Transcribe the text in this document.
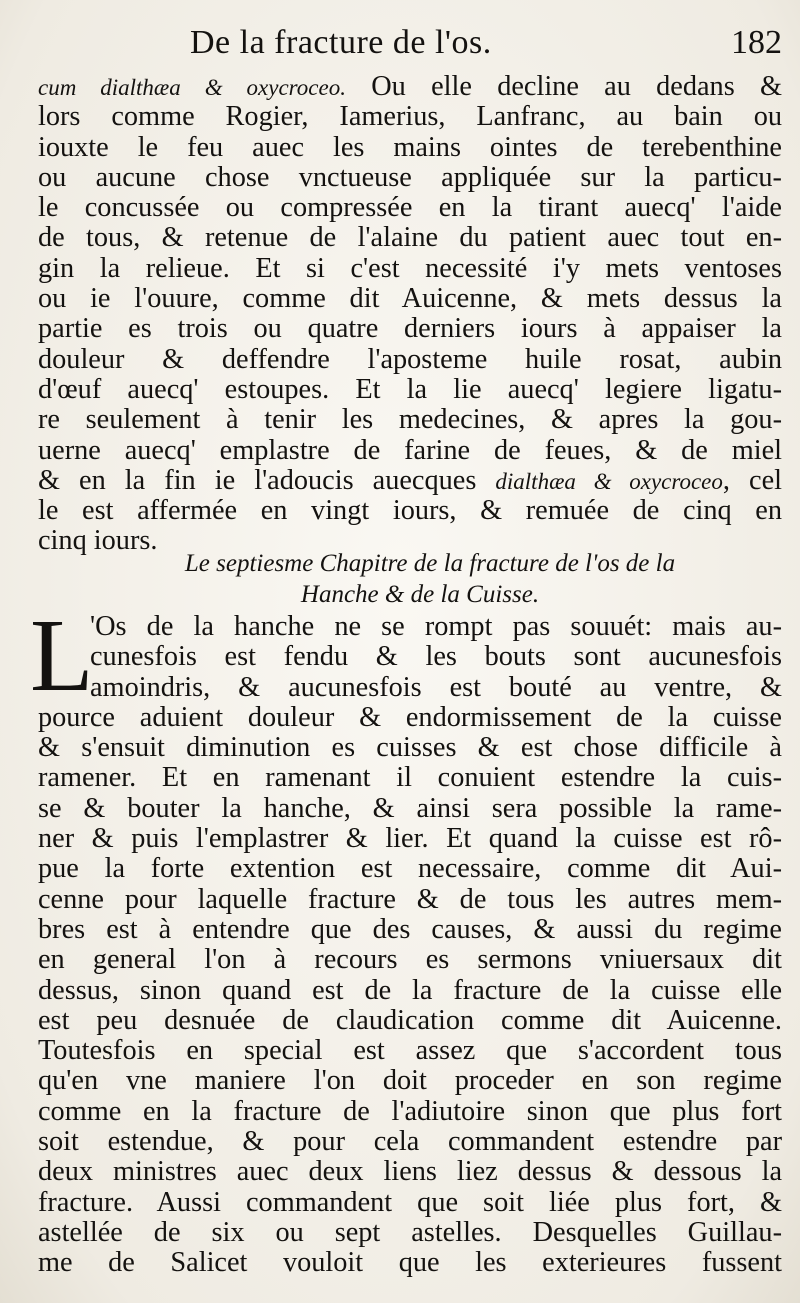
De la fracture de l'os.	182
cum dialthæa & oxycroceo. Ou elle decline au dedans &
lors comme Rogier, Iamerius, Lanfranc, au bain ou
iouxte le feu auec les mains ointes de terebenthine
ou aucune chose vnctueuse appliquée sur la particu-
le concussée ou compressée en la tirant auecq' l'aide
de tous, & retenue de l'alaine du patient auec tout en-
gin la relieue. Et si c'est necessité i'y mets ventoses
ou ie l'ouure, comme dit Auicenne, & mets dessus la
partie es trois ou quatre derniers iours à appaiser la
douleur & deffendre l'aposteme huile rosat, aubin
d'œuf auecq' estoupes. Et la lie auecq' legiere ligatu-
re seulement à tenir les medecines, & apres la gou-
uerne auecq' emplastre de farine de feues, & de miel
& en la fin ie l'adoucis auecques dialthæa & oxycroceo, cel
le est affermée en vingt iours, & remuée de cinq en
cinq iours.
Le septiesme Chapitre de la fracture de l'os de la
Hanche & de la Cuisse.
L
'Os de la hanche ne se rompt pas souuét: mais au-
cunesfois est fendu & les bouts sont aucunesfois
amoindris, & aucunesfois est bouté au ventre, &
pource aduient douleur & endormissement de la cuisse
& s'ensuit diminution es cuisses & est chose difficile à
ramener. Et en ramenant il conuient estendre la cuis-
se & bouter la hanche, & ainsi sera possible la rame-
ner & puis l'emplastrer & lier. Et quand la cuisse est rô-
pue la forte extention est necessaire, comme dit Aui-
cenne pour laquelle fracture & de tous les autres mem-
bres est à entendre que des causes, & aussi du regime
en general l'on à recours es sermons vniuersaux dit
dessus, sinon quand est de la fracture de la cuisse elle
est peu desnuée de claudication comme dit Auicenne.
Toutesfois en special est assez que s'accordent tous
qu'en vne maniere l'on doit proceder en son regime
comme en la fracture de l'adiutoire sinon que plus fort
soit estendue, & pour cela commandent estendre par
deux ministres auec deux liens liez dessus & dessous la
fracture. Aussi commandent que soit liée plus fort, &
astellée de six ou sept astelles. Desquelles Guillau-
me de Salicet vouloit que les exterieures fussent
